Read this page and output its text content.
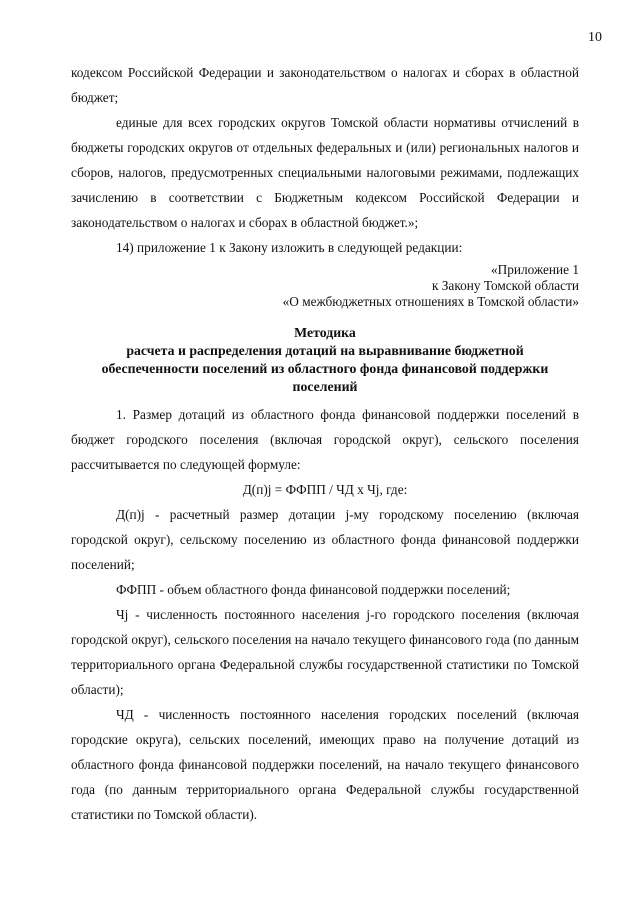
10

кодексом Российской Федерации и законодательством о налогах и сборах в областной бюджет;

единые для всех городских округов Томской области нормативы отчислений в бюджеты городских округов от отдельных федеральных и (или) региональных налогов и сборов, налогов, предусмотренных специальными налоговыми режимами, подлежащих зачислению в соответствии с Бюджетным кодексом Российской Федерации и законодательством о налогах и сборах в областной бюджет.»;

14) приложение 1 к Закону изложить в следующей редакции:

«Приложение 1
к Закону Томской области
«О межбюджетных отношениях в Томской области»
Методика
расчета и распределения дотаций на выравнивание бюджетной
обеспеченности поселений из областного фонда финансовой поддержки
поселений

1. Размер дотаций из областного фонда финансовой поддержки поселений в бюджет городского поселения (включая городской округ), сельского поселения рассчитывается по следующей формуле:

Д(п)j = ФФПП / ЧД х Чj, где:

Д(п)j - расчетный размер дотации j-му городскому поселению (включая городской округ), сельскому поселению из областного фонда финансовой поддержки поселений;

ФФПП - объем областного фонда финансовой поддержки поселений;

Чj - численность постоянного населения j-го городского поселения (включая городской округ), сельского поселения на начало текущего финансового года (по данным территориального органа Федеральной службы государственной статистики по Томской области);

ЧД - численность постоянного населения городских поселений (включая городские округа), сельских поселений, имеющих право на получение дотаций из областного фонда финансовой поддержки поселений, на начало текущего финансового года (по данным территориального органа Федеральной службы государственной статистики по Томской области).
